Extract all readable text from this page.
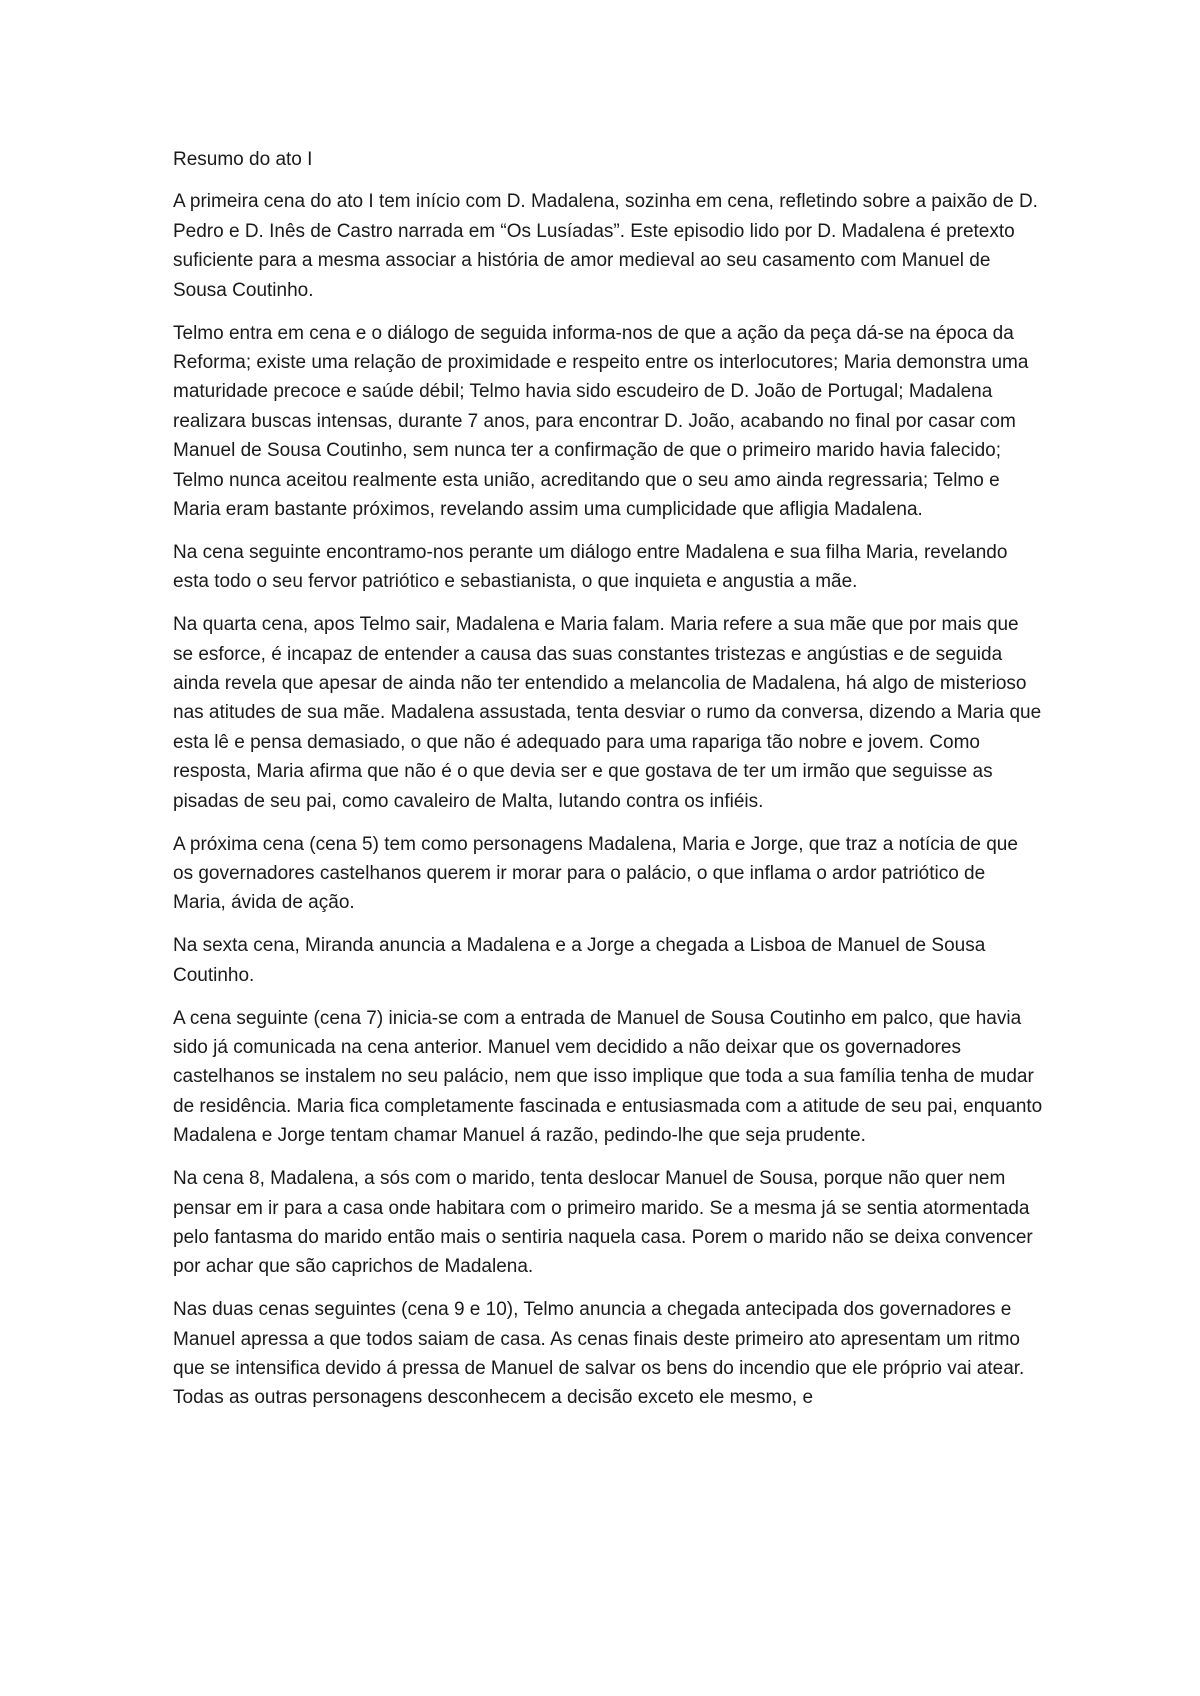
Resumo do ato I

A primeira cena do ato I tem início com D. Madalena, sozinha em cena, refletindo sobre a paixão de D. Pedro e D. Inês de Castro narrada em “Os Lusíadas”. Este episodio lido por D. Madalena é pretexto suficiente para a mesma associar a história de amor medieval ao seu casamento com Manuel de Sousa Coutinho.

Telmo entra em cena e o diálogo de seguida informa-nos de que a ação da peça dá-se na época da Reforma; existe uma relação de proximidade e respeito entre os interlocutores; Maria demonstra uma maturidade precoce e saúde débil; Telmo havia sido escudeiro de D. João de Portugal; Madalena realizara buscas intensas, durante 7 anos, para encontrar D. João, acabando no final por casar com Manuel de Sousa Coutinho, sem nunca ter a confirmação de que o primeiro marido havia falecido; Telmo nunca aceitou realmente esta união, acreditando que o seu amo ainda regressaria; Telmo e Maria eram bastante próximos, revelando assim uma cumplicidade que afligia Madalena.

Na cena seguinte encontramo-nos perante um diálogo entre Madalena e sua filha Maria, revelando esta todo o seu fervor patriótico e sebastianista, o que inquieta e angustia a mãe.

Na quarta cena, apos Telmo sair, Madalena e Maria falam. Maria refere a sua mãe que por mais que se esforce, é incapaz de entender a causa das suas constantes tristezas e angústias e de seguida ainda revela que apesar de ainda não ter entendido a melancolia de Madalena, há algo de misterioso nas atitudes de sua mãe. Madalena assustada, tenta desviar o rumo da conversa, dizendo a Maria que esta lê e pensa demasiado, o que não é adequado para uma rapariga tão nobre e jovem. Como resposta, Maria afirma que não é o que devia ser e que gostava de ter um irmão que seguisse as pisadas de seu pai, como cavaleiro de Malta, lutando contra os infiéis.

A próxima cena (cena 5) tem como personagens Madalena, Maria e Jorge, que traz a notícia de que os governadores castelhanos querem ir morar para o palácio, o que inflama o ardor patriótico de Maria, ávida de ação.

Na sexta cena, Miranda anuncia a Madalena e a Jorge a chegada a Lisboa de Manuel de Sousa Coutinho.

A cena seguinte (cena 7) inicia-se com a entrada de Manuel de Sousa Coutinho em palco, que havia sido já comunicada na cena anterior. Manuel vem decidido a não deixar que os governadores castelhanos se instalem no seu palácio, nem que isso implique que toda a sua família tenha de mudar de residência. Maria fica completamente fascinada e entusiasmada com a atitude de seu pai, enquanto Madalena e Jorge tentam chamar Manuel á razão, pedindo-lhe que seja prudente.

Na cena 8, Madalena, a sós com o marido, tenta deslocar Manuel de Sousa, porque não quer nem pensar em ir para a casa onde habitara com o primeiro marido. Se a mesma já se sentia atormentada pelo fantasma do marido então mais o sentiria naquela casa. Porem o marido não se deixa convencer por achar que são caprichos de Madalena.

Nas duas cenas seguintes (cena 9 e 10), Telmo anuncia a chegada antecipada dos governadores e Manuel apressa a que todos saiam de casa. As cenas finais deste primeiro ato apresentam um ritmo que se intensifica devido á pressa de Manuel de salvar os bens do incendio que ele próprio vai atear. Todas as outras personagens desconhecem a decisão exceto ele mesmo, e
